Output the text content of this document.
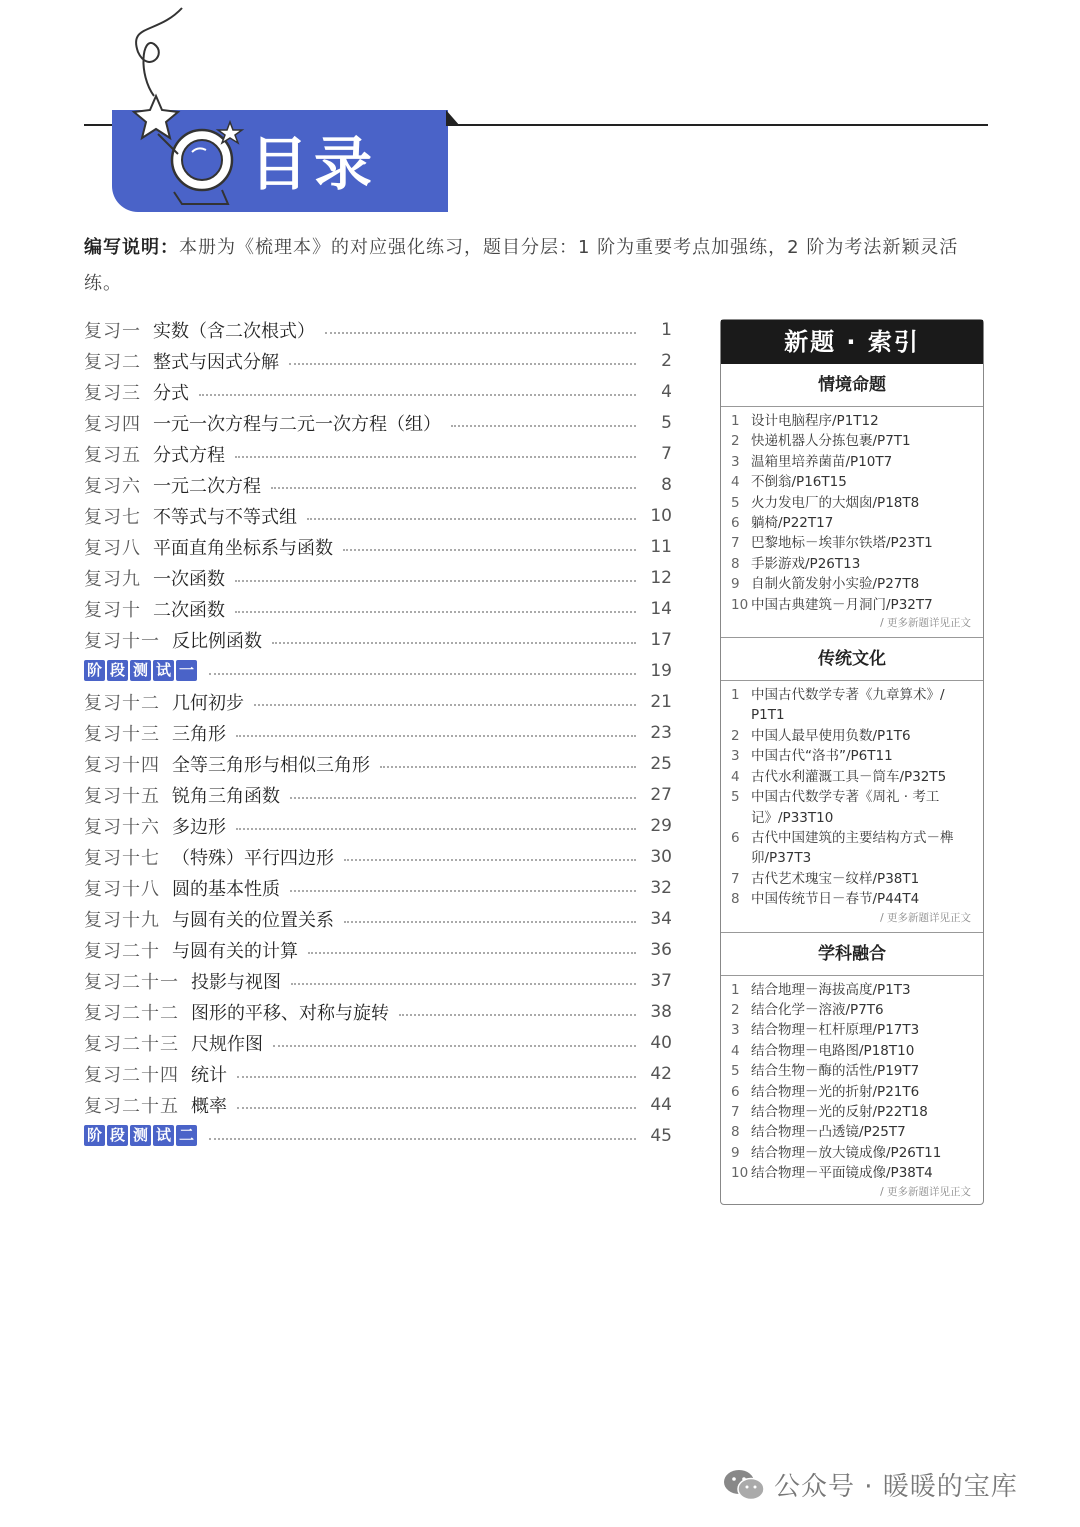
目录
编写说明：本册为《梳理本》的对应强化练习，题目分层：1 阶为重要考点加强练，2 阶为考法新颖灵活练。
复习一 实数（含二次根式）	1
复习二 整式与因式分解	2
复习三 分式	4
复习四 一元一次方程与二元一次方程（组）	5
复习五 分式方程	7
复习六 一元二次方程	8
复习七 不等式与不等式组	10
复习八 平面直角坐标系与函数	11
复习九 一次函数	12
复习十 二次函数	14
复习十一 反比例函数	17
阶 段 测 试 一	19
复习十二 几何初步	21
复习十三 三角形	23
复习十四 全等三角形与相似三角形	25
复习十五 锐角三角函数	27
复习十六 多边形	29
复习十七 （特殊）平行四边形	30
复习十八 圆的基本性质	32
复习十九 与圆有关的位置关系	34
复习二十 与圆有关的计算	36
复习二十一 投影与视图	37
复习二十二 图形的平移、对称与旋转	38
复习二十三 尺规作图	40
复习二十四 统计	42
复习二十五 概率	44
阶 段 测 试 二	45
新题 · 索引
情境命题
1 设计电脑程序/P1T12
2 快递机器人分拣包裹/P7T1
3 温箱里培养菌苗/P10T7
4 不倒翁/P16T15
5 火力发电厂的大烟囱/P18T8
6 躺椅/P22T17
7 巴黎地标－埃菲尔铁塔/P23T1
8 手影游戏/P26T13
9 自制火箭发射小实验/P27T8
10 中国古典建筑－月洞门/P32T7
/ 更多新题详见正文
传统文化
1 中国古代数学专著《九章算术》/ P1T1
2 中国人最早使用负数/P1T6
3 中国古代“洛书”/P6T11
4 古代水利灌溉工具－筒车/P32T5
5 中国古代数学专著《周礼 · 考工记》/P33T10
6 古代中国建筑的主要结构方式－榫卯/P37T3
7 古代艺术瑰宝－纹样/P38T1
8 中国传统节日－春节/P44T4
/ 更多新题详见正文
学科融合
1 结合地理－海拔高度/P1T3
2 结合化学－溶液/P7T6
3 结合物理－杠杆原理/P17T3
4 结合物理－电路图/P18T10
5 结合生物－酶的活性/P19T7
6 结合物理－光的折射/P21T6
7 结合物理－光的反射/P22T18
8 结合物理－凸透镜/P25T7
9 结合物理－放大镜成像/P26T11
10 结合物理－平面镜成像/P38T4
/ 更多新题详见正文
公众号 · 暖暖的宝库
